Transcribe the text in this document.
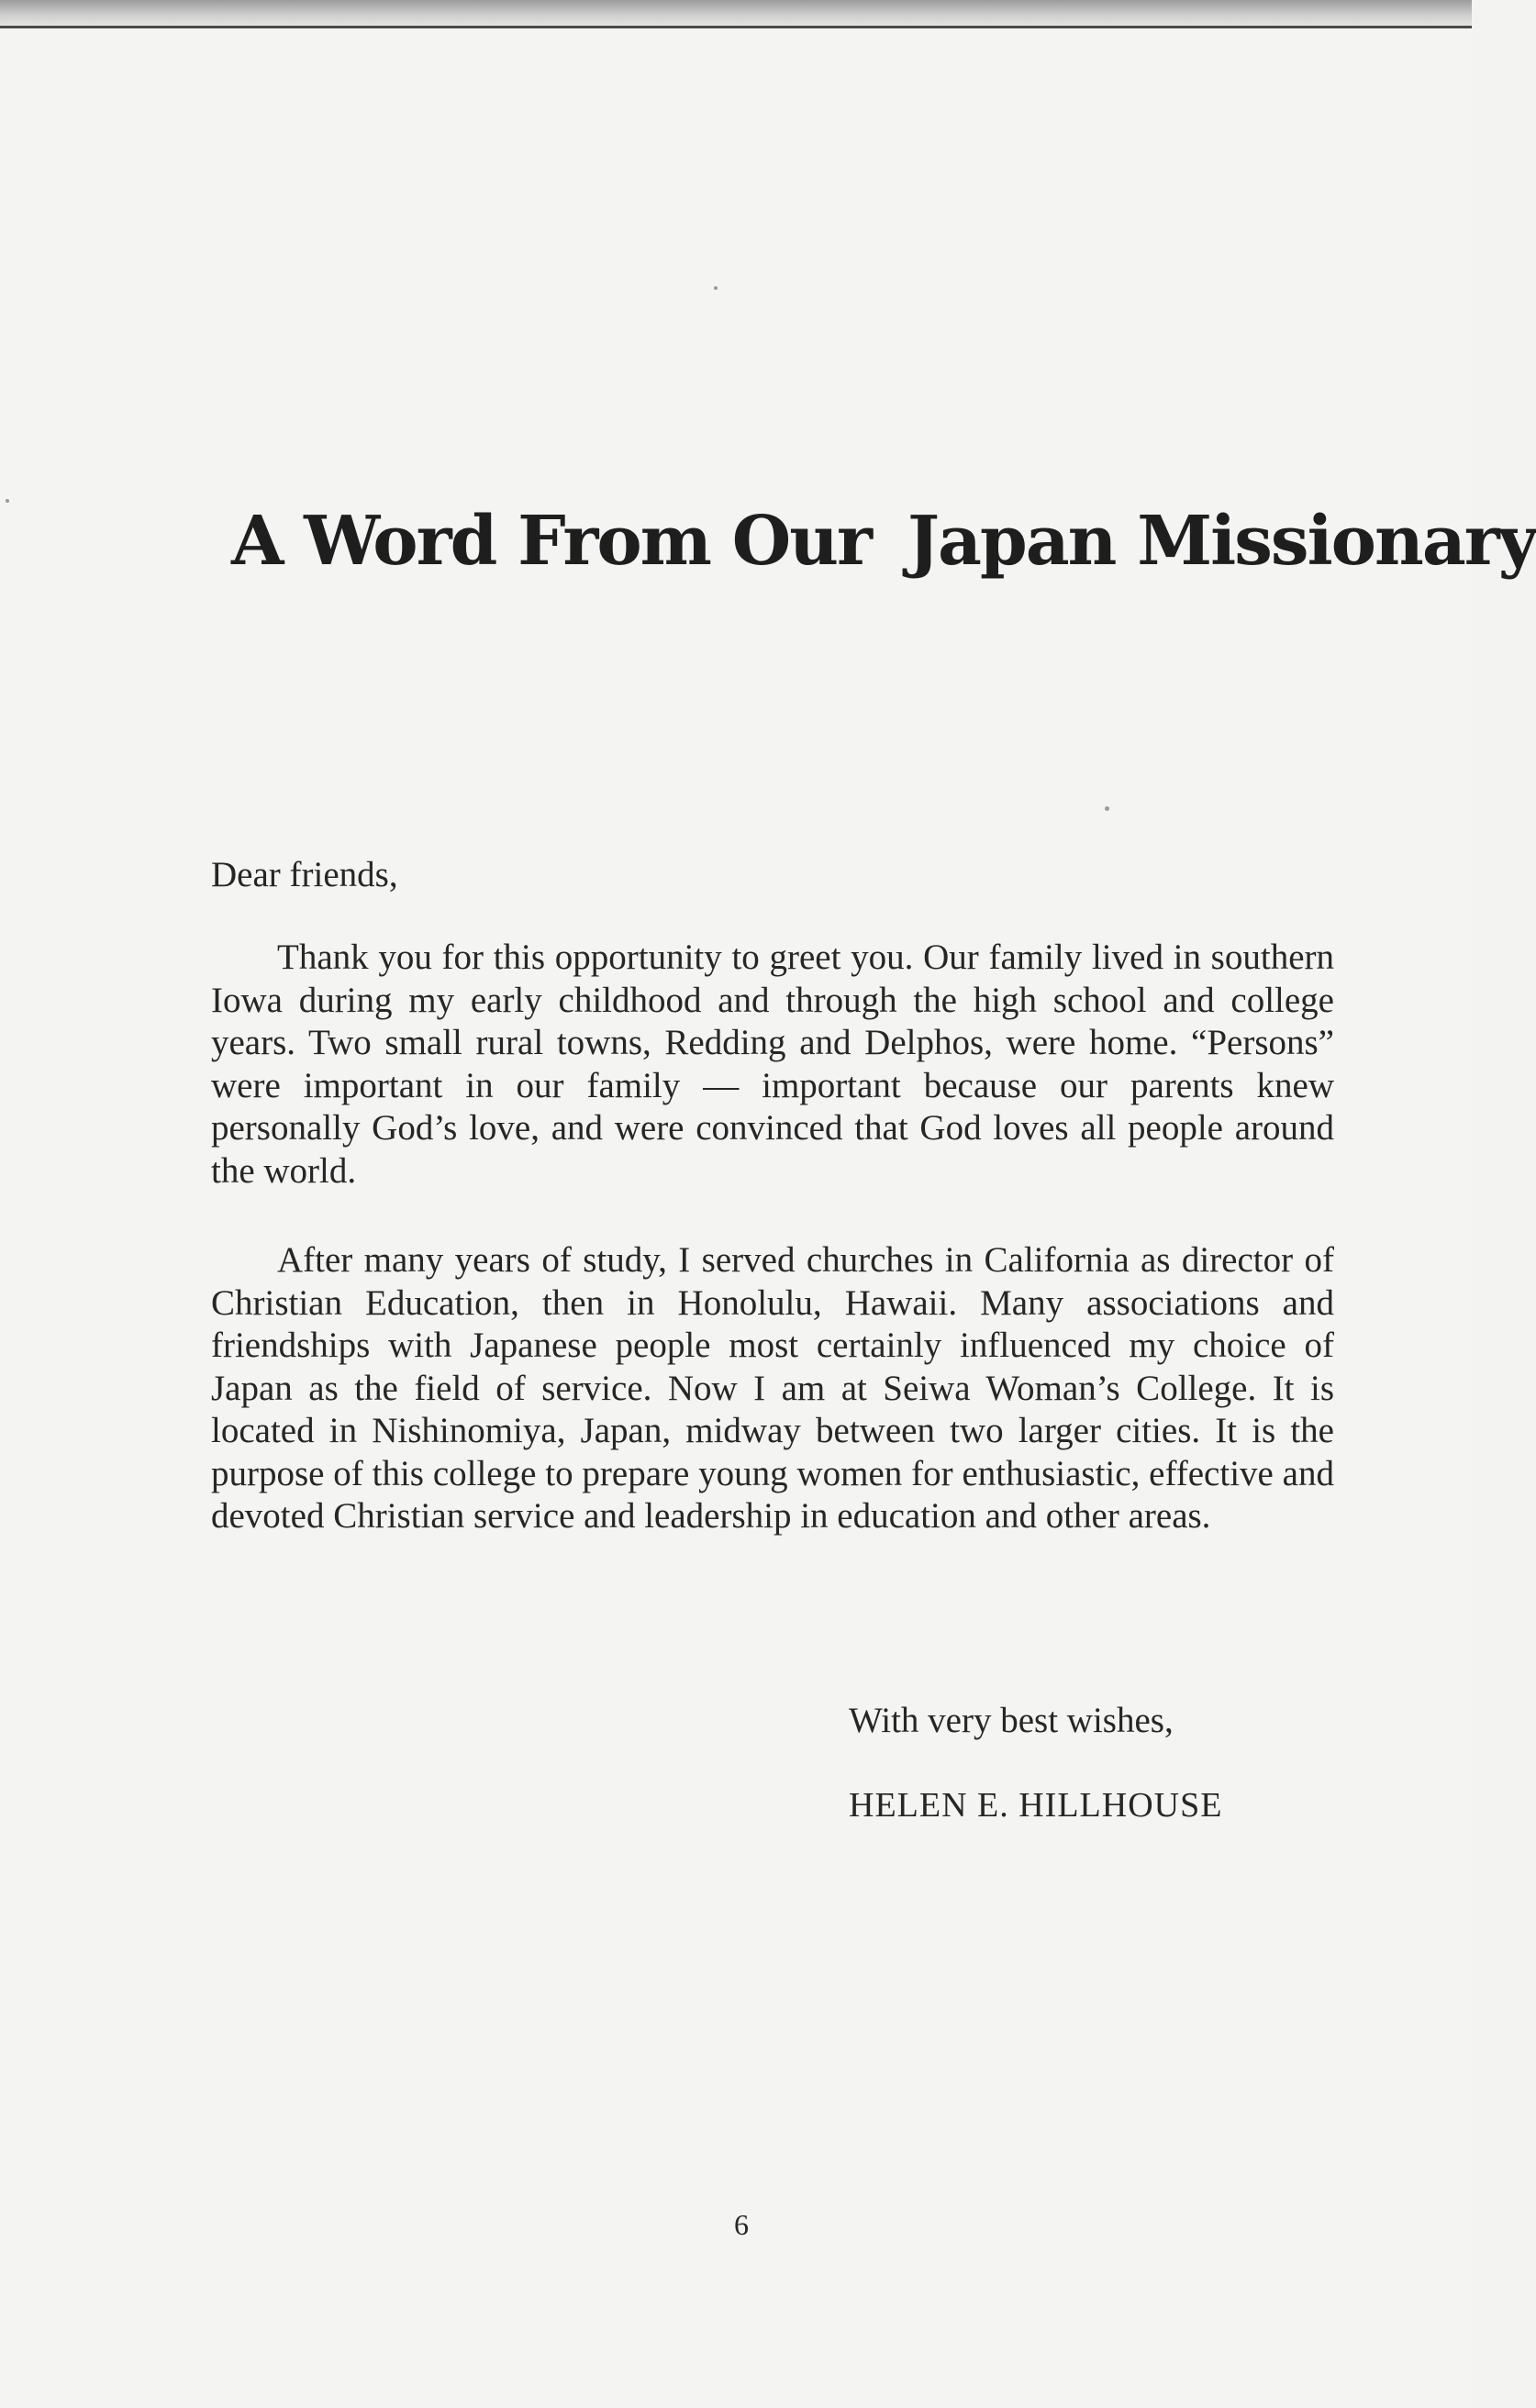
A Word From Our Japan Missionary
Dear friends,

Thank you for this opportunity to greet you. Our family lived in southern Iowa during my early childhood and through the high school and college years. Two small rural towns, Redding and Delphos, were home. “Persons” were important in our family — important because our parents knew personally God’s love, and were convinced that God loves all people around the world.

After many years of study, I served churches in California as director of Christian Education, then in Honolulu, Hawaii. Many associations and friendships with Japanese people most certainly influenced my choice of Japan as the field of service. Now I am at Seiwa Woman’s College. It is located in Nishinomiya, Japan, midway between two larger cities. It is the purpose of this college to prepare young women for enthusiastic, effective and devoted Christian service and leadership in education and other areas.

With very best wishes,
HELEN E. HILLHOUSE
6
